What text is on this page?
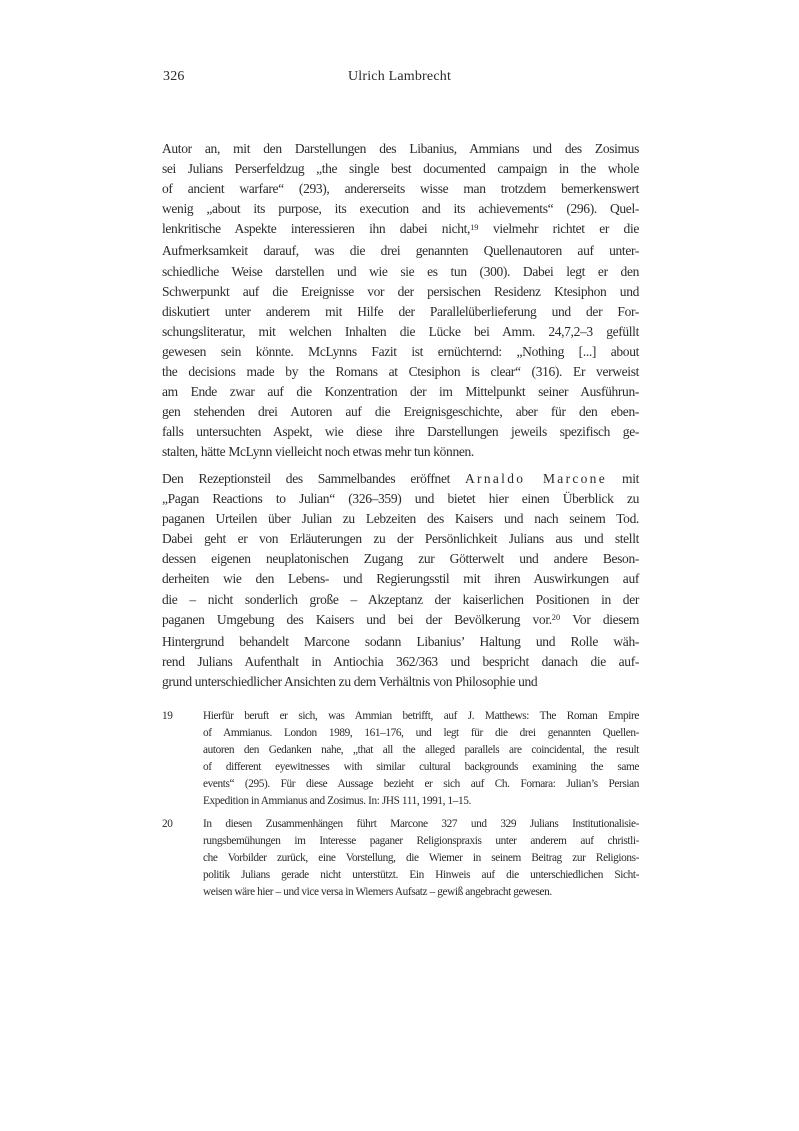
326	Ulrich Lambrecht
Autor an, mit den Darstellungen des Libanius, Ammians und des Zosimus
sei Julians Perserfeldzug „the single best documented campaign in the whole
of ancient warfare“ (293), andererseits wisse man trotzdem bemerkenswert
wenig „about its purpose, its execution and its achievements“ (296). Quel-
lenkritische Aspekte interessieren ihn dabei nicht,$^{19}$ vielmehr richtet er die
Aufmerksamkeit darauf, was die drei genannten Quellenautoren auf unter-
schiedliche Weise darstellen und wie sie es tun (300). Dabei legt er den
Schwerpunkt auf die Ereignisse vor der persischen Residenz Ktesiphon und
diskutiert unter anderem mit Hilfe der Parallelüberlieferung und der For-
schungsliteratur, mit welchen Inhalten die Lücke bei Amm. 24,7,2–3 gefüllt
gewesen sein könnte. McLynns Fazit ist ernüchternd: „Nothing [...] about
the decisions made by the Romans at Ctesiphon is clear“ (316). Er verweist
am Ende zwar auf die Konzentration der im Mittelpunkt seiner Ausführun-
gen stehenden drei Autoren auf die Ereignisgeschichte, aber für den eben-
falls untersuchten Aspekt, wie diese ihre Darstellungen jeweils spezifisch ge-
stalten, hätte McLynn vielleicht noch etwas mehr tun können.
Den Rezeptionsteil des Sammelbandes eröffnet Arnaldo Marcone mit
„Pagan Reactions to Julian“ (326–359) und bietet hier einen Überblick zu
paganen Urteilen über Julian zu Lebzeiten des Kaisers und nach seinem Tod.
Dabei geht er von Erläuterungen zu der Persönlichkeit Julians aus und stellt
dessen eigenen neuplatonischen Zugang zur Götterwelt und andere Beson-
derheiten wie den Lebens- und Regierungsstil mit ihren Auswirkungen auf
die – nicht sonderlich große – Akzeptanz der kaiserlichen Positionen in der
paganen Umgebung des Kaisers und bei der Bevölkerung vor.$^{20}$ Vor diesem
Hintergrund behandelt Marcone sodann Libanius’ Haltung und Rolle wäh-
rend Julians Aufenthalt in Antiochia 362/363 und bespricht danach die auf-
grund unterschiedlicher Ansichten zu dem Verhältnis von Philosophie und
19	Hierfür beruft er sich, was Ammian betrifft, auf J. Matthews: The Roman Empire
of Ammianus. London 1989, 161–176, und legt für die drei genannten Quellen-
autoren den Gedanken nahe, „that all the alleged parallels are coincidental, the result
of different eyewitnesses with similar cultural backgrounds examining the same
events“ (295). Für diese Aussage bezieht er sich auf Ch. Fornara: Julian’s Persian
Expedition in Ammianus and Zosimus. In: JHS 111, 1991, 1–15.
20	In diesen Zusammenhängen führt Marcone 327 und 329 Julians Institutionalisie-
rungsbemühungen im Interesse paganer Religionspraxis unter anderem auf christli-
che Vorbilder zurück, eine Vorstellung, die Wiemer in seinem Beitrag zur Religions-
politik Julians gerade nicht unterstützt. Ein Hinweis auf die unterschiedlichen Sicht-
weisen wäre hier – und vice versa in Wiemers Aufsatz – gewiß angebracht gewesen.
